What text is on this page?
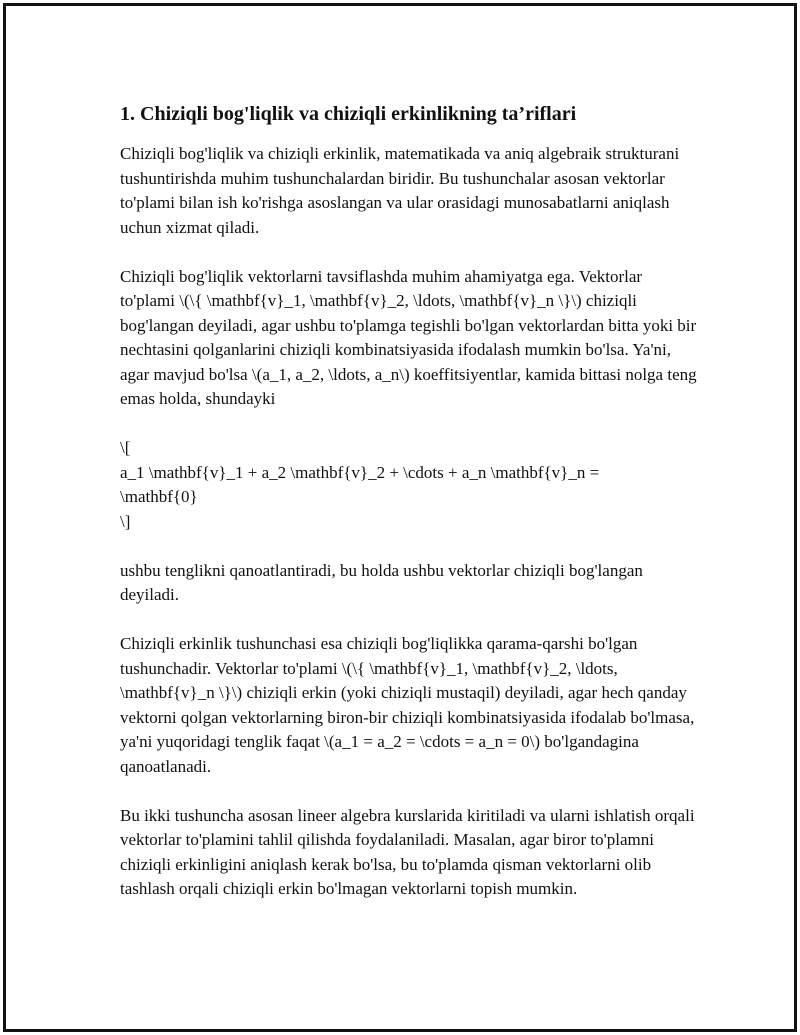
1. Chiziqli bog'liqlik va chiziqli erkinlikning ta’riflari

Chiziqli bog'liqlik va chiziqli erkinlik, matematikada va aniq algebraik strukturani tushuntirishda muhim tushunchalardan biridir. Bu tushunchalar asosan vektorlar to'plami bilan ish ko'rishga asoslangan va ular orasidagi munosabatlarni aniqlash uchun xizmat qiladi.

Chiziqli bog'liqlik vektorlarni tavsiflashda muhim ahamiyatga ega. Vektorlar to'plami \(\{ \mathbf{v}_1, \mathbf{v}_2, \ldots, \mathbf{v}_n \}\) chiziqli bog'langan deyiladi, agar ushbu to'plamga tegishli bo'lgan vektorlardan bitta yoki bir nechtasini qolganlarini chiziqli kombinatsiyasida ifodalash mumkin bo'lsa. Ya'ni, agar mavjud bo'lsa \(a_1, a_2, \ldots, a_n\) koeffitsiyentlar, kamida bittasi nolga teng emas holda, shundayki

\[
a_1 \mathbf{v}_1 + a_2 \mathbf{v}_2 + \cdots + a_n \mathbf{v}_n =
\mathbf{0}
\]

ushbu tenglikni qanoatlantiradi, bu holda ushbu vektorlar chiziqli bog'langan deyiladi.

Chiziqli erkinlik tushunchasi esa chiziqli bog'liqlikka qarama-qarshi bo'lgan tushunchadir. Vektorlar to'plami \(\{ \mathbf{v}_1, \mathbf{v}_2, \ldots, \mathbf{v}_n \}\) chiziqli erkin (yoki chiziqli mustaqil) deyiladi, agar hech qanday vektorni qolgan vektorlarning biron-bir chiziqli kombinatsiyasida ifodalab bo'lmasa, ya'ni yuqoridagi tenglik faqat \(a_1 = a_2 = \cdots = a_n = 0\) bo'lgandagina qanoatlanadi.

Bu ikki tushuncha asosan lineer algebra kurslarida kiritiladi va ularni ishlatish orqali vektorlar to'plamini tahlil qilishda foydalaniladi. Masalan, agar biror to'plamni chiziqli erkinligini aniqlash kerak bo'lsa, bu to'plamda qisman vektorlarni olib tashlash orqali chiziqli erkin bo'lmagan vektorlarni topish mumkin.
